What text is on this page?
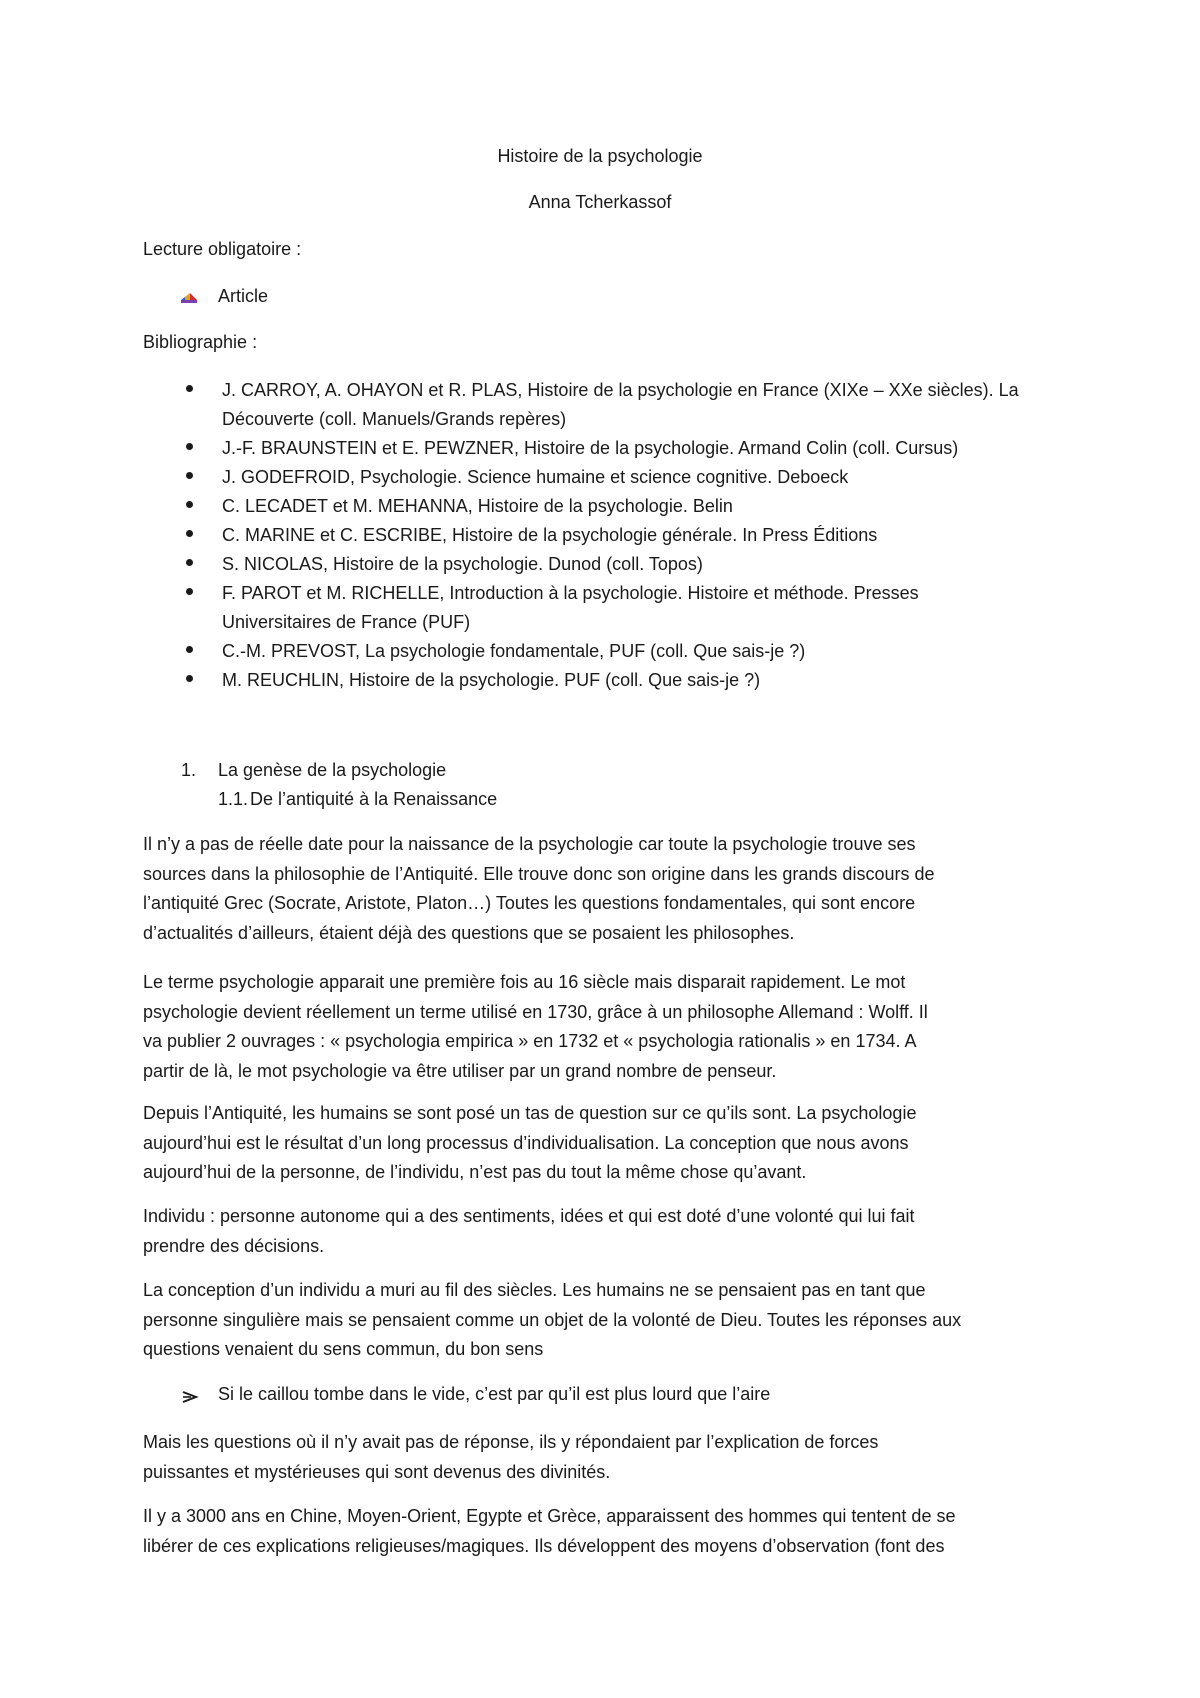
Histoire de la psychologie
Anna Tcherkassof
Lecture obligatoire :
Article
Bibliographie :
J. CARROY, A. OHAYON et R. PLAS, Histoire de la psychologie en France (XIXe – XXe siècles). La
Découverte (coll. Manuels/Grands repères)
J.-F. BRAUNSTEIN et E. PEWZNER, Histoire de la psychologie. Armand Colin (coll. Cursus)
J. GODEFROID, Psychologie. Science humaine et science cognitive. Deboeck
C. LECADET et M. MEHANNA, Histoire de la psychologie. Belin
C. MARINE et C. ESCRIBE, Histoire de la psychologie générale. In Press Éditions
S. NICOLAS, Histoire de la psychologie. Dunod (coll. Topos)
F. PAROT et M. RICHELLE, Introduction à la psychologie. Histoire et méthode. Presses
Universitaires de France (PUF)
C.-M. PREVOST, La psychologie fondamentale, PUF (coll. Que sais-je ?)
M. REUCHLIN, Histoire de la psychologie. PUF (coll. Que sais-je ?)
1. La genèse de la psychologie
1.1. De l’antiquité à la Renaissance
Il n’y a pas de réelle date pour la naissance de la psychologie car toute la psychologie trouve ses
sources dans la philosophie de l’Antiquité. Elle trouve donc son origine dans les grands discours de
l’antiquité Grec (Socrate, Aristote, Platon…) Toutes les questions fondamentales, qui sont encore
d’actualités d’ailleurs, étaient déjà des questions que se posaient les philosophes.
Le terme psychologie apparait une première fois au 16 siècle mais disparait rapidement. Le mot
psychologie devient réellement un terme utilisé en 1730, grâce à un philosophe Allemand : Wolff. Il
va publier 2 ouvrages : « psychologia empirica » en 1732 et « psychologia rationalis » en 1734. A
partir de là, le mot psychologie va être utiliser par un grand nombre de penseur.
Depuis l’Antiquité, les humains se sont posé un tas de question sur ce qu’ils sont. La psychologie
aujourd’hui est le résultat d’un long processus d’individualisation. La conception que nous avons
aujourd’hui de la personne, de l’individu, n’est pas du tout la même chose qu’avant.
Individu : personne autonome qui a des sentiments, idées et qui est doté d’une volonté qui lui fait
prendre des décisions.
La conception d’un individu a muri au fil des siècles. Les humains ne se pensaient pas en tant que
personne singulière mais se pensaient comme un objet de la volonté de Dieu. Toutes les réponses aux
questions venaient du sens commun, du bon sens
Si le caillou tombe dans le vide, c’est par qu’il est plus lourd que l’aire
Mais les questions où il n’y avait pas de réponse, ils y répondaient par l’explication de forces
puissantes et mystérieuses qui sont devenus des divinités.
Il y a 3000 ans en Chine, Moyen-Orient, Egypte et Grèce, apparaissent des hommes qui tentent de se
libérer de ces explications religieuses/magiques. Ils développent des moyens d’observation (font des
